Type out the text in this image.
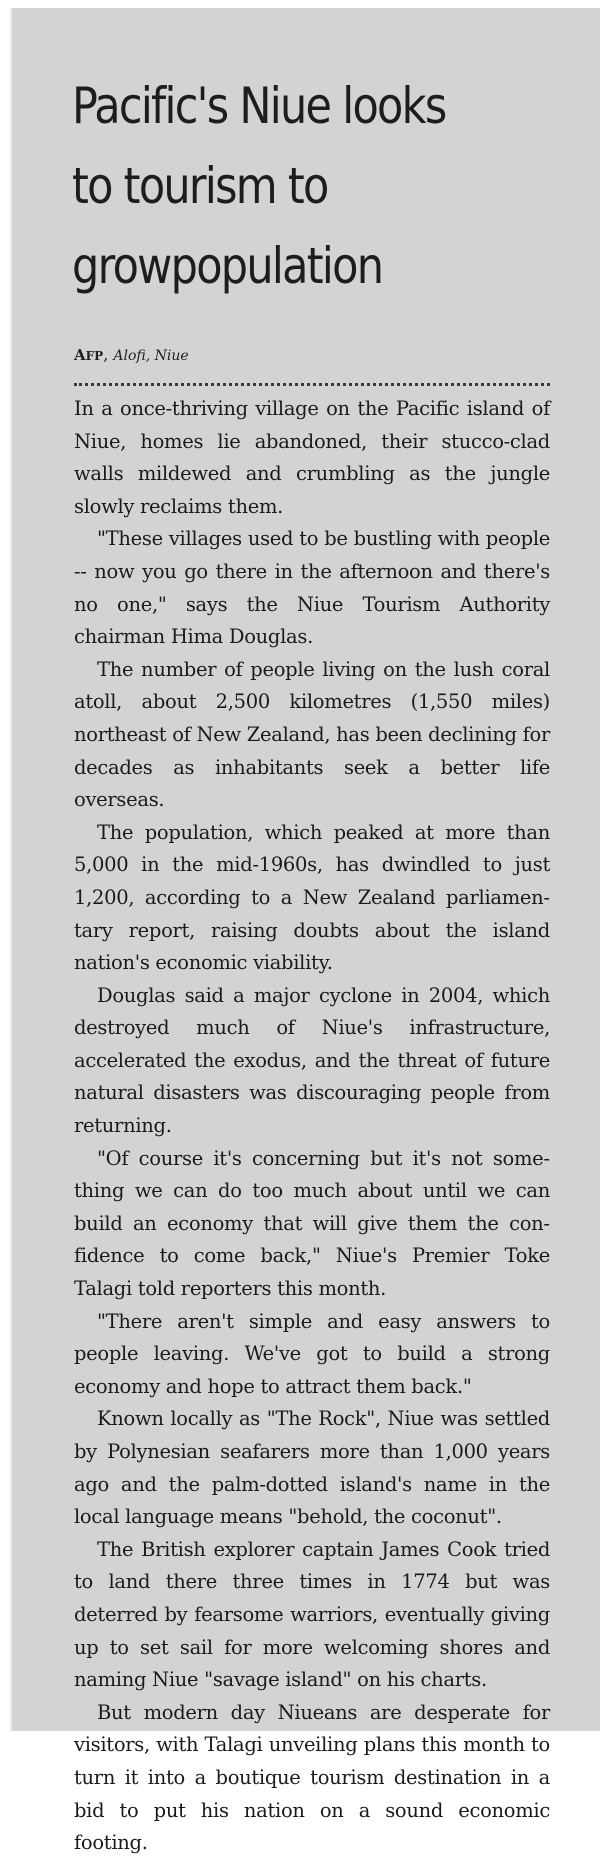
Pacific's Niue looks to tourism to growpopulation
AFP, Alofi, Niue

In a once-thriving village on the Pacific island of Niue, homes lie abandoned, their stucco-clad walls mildewed and crumbling as the jungle slowly reclaims them.

"These villages used to be bustling with people -- now you go there in the afternoon and there's no one," says the Niue Tourism Authority chairman Hima Douglas.

The number of people living on the lush coral atoll, about 2,500 kilometres (1,550 miles) northeast of New Zealand, has been declining for decades as inhabitants seek a better life overseas.

The population, which peaked at more than 5,000 in the mid-1960s, has dwindled to just 1,200, according to a New Zealand parliamentary report, raising doubts about the island nation's economic viability.

Douglas said a major cyclone in 2004, which destroyed much of Niue's infrastructure, accelerated the exodus, and the threat of future natural disasters was discouraging people from returning.

"Of course it's concerning but it's not something we can do too much about until we can build an economy that will give them the confidence to come back," Niue's Premier Toke Talagi told reporters this month.

"There aren't simple and easy answers to people leaving. We've got to build a strong economy and hope to attract them back."

Known locally as "The Rock", Niue was settled by Polynesian seafarers more than 1,000 years ago and the palm-dotted island's name in the local language means "behold, the coconut".

The British explorer captain James Cook tried to land there three times in 1774 but was deterred by fearsome warriors, eventually giving up to set sail for more welcoming shores and naming Niue "savage island" on his charts.

But modern day Niueans are desperate for visitors, with Talagi unveiling plans this month to turn it into a boutique tourism destination in a bid to put his nation on a sound economic footing.
